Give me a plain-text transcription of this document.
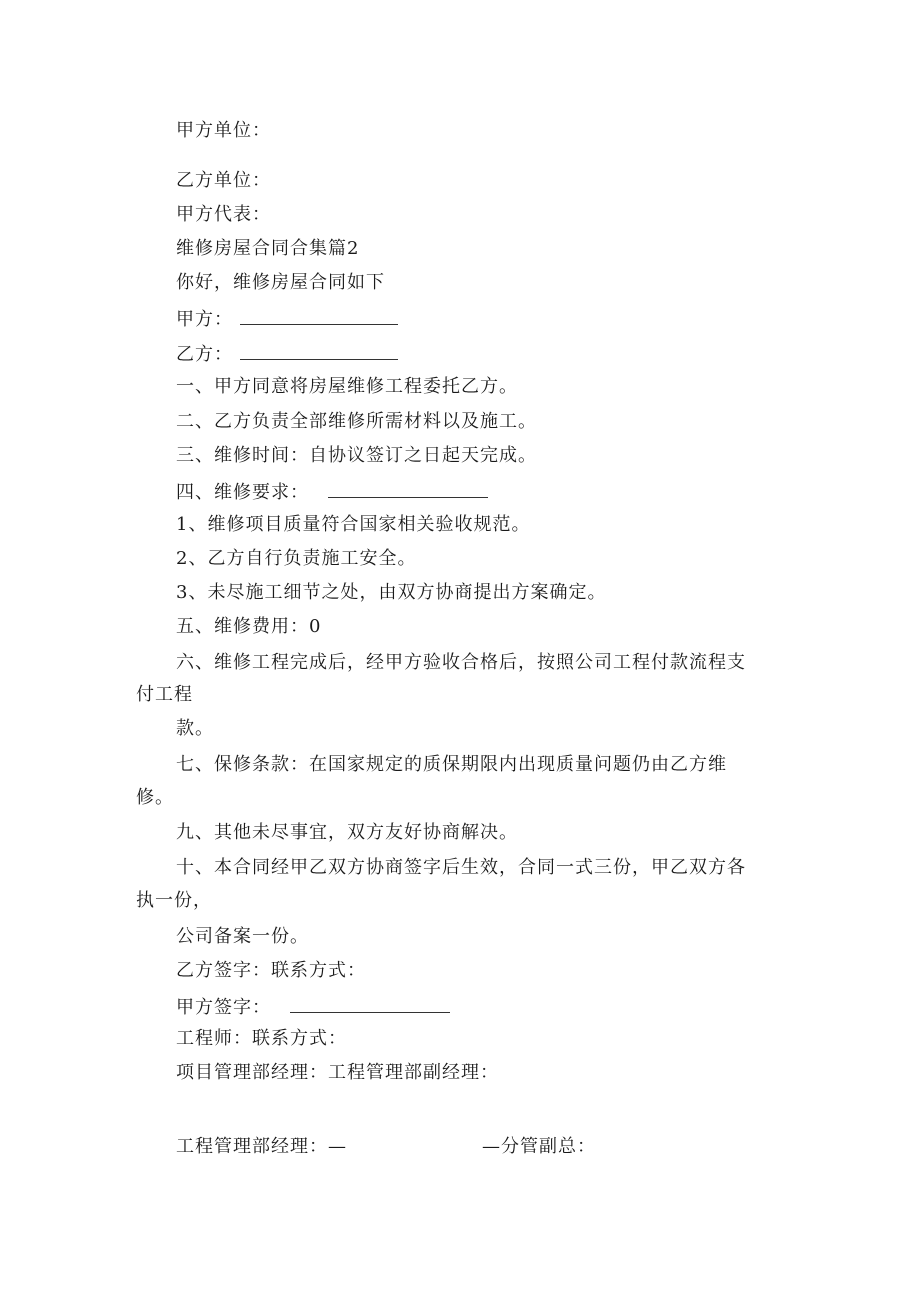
甲方单位：
乙方单位：
甲方代表：
维修房屋合同合集篇2
你好，维修房屋合同如下
甲方：
乙方：
一、甲方同意将房屋维修工程委托乙方。
二、乙方负责全部维修所需材料以及施工。
三、维修时间：自协议签订之日起天完成。
四、维修要求：
1、维修项目质量符合国家相关验收规范。
2、乙方自行负责施工安全。
3、未尽施工细节之处，由双方协商提出方案确定。
五、维修费用：0
六、维修工程完成后，经甲方验收合格后，按照公司工程付款流程支
付工程
款。
七、保修条款：在国家规定的质保期限内出现质量问题仍由乙方维
修。
九、其他未尽事宜，双方友好协商解决。
十、本合同经甲乙双方协商签字后生效，合同一式三份，甲乙双方各
执一份，
公司备案一份。
乙方签字：联系方式：
甲方签字：
工程师：联系方式：
项目管理部经理：工程管理部副经理：
工程管理部经理：—	—分管副总：
